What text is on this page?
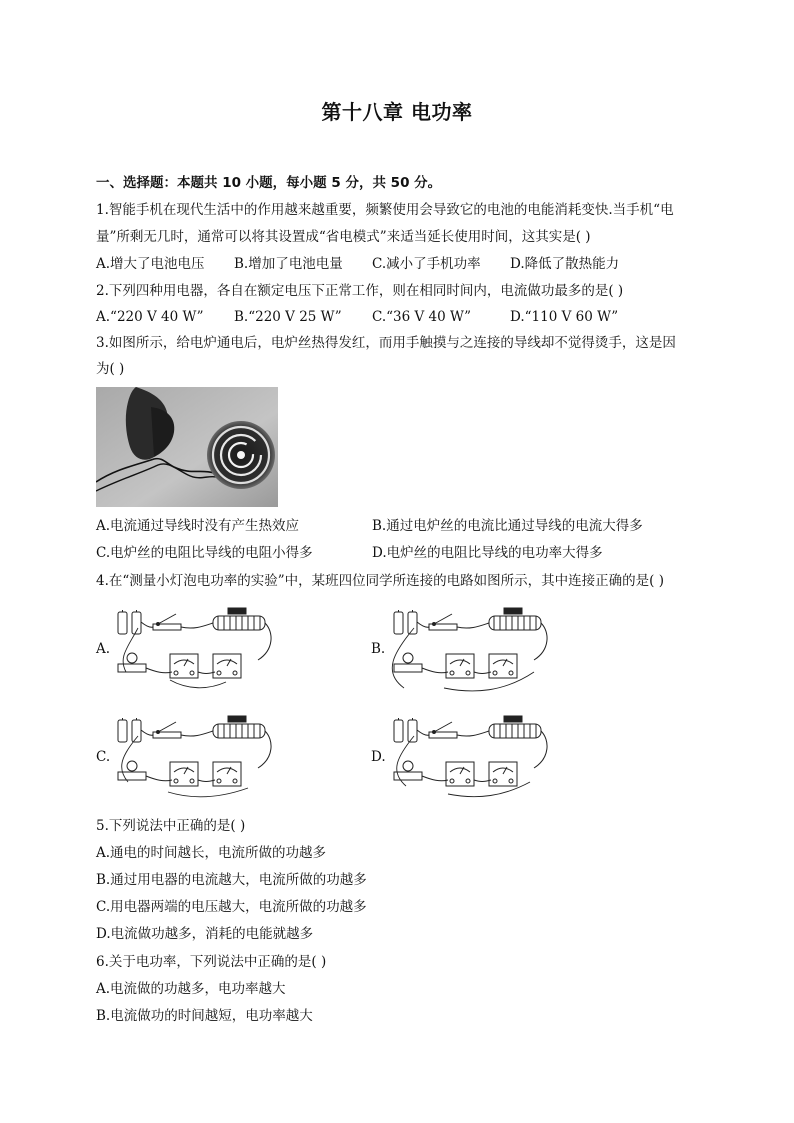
第十八章 电功率
一、选择题：本题共 10 小题，每小题 5 分，共 50 分。
1.智能手机在现代生活中的作用越来越重要，频繁使用会导致它的电池的电能消耗变快.当手机“电
量”所剩无几时，通常可以将其设置成“省电模式”来适当延长使用时间，这其实是( )
A.增大了电池电压 B.增加了电池电量 C.减小了手机功率 D.降低了散热能力
2.下列四种用电器，各自在额定电压下正常工作，则在相同时间内，电流做功最多的是( )
A.“220 V 40 W” B.“220 V 25 W” C.“36 V 40 W”	D.“110 V 60 W”
3.如图所示，给电炉通电后，电炉丝热得发红，而用手触摸与之连接的导线却不觉得烫手，这是因
为( )
A.电流通过导线时没有产生热效应	B.通过电炉丝的电流比通过导线的电流大得多
C.电炉丝的电阻比导线的电阻小得多	D.电炉丝的电阻比导线的电功率大得多
4.在“测量小灯泡电功率的实验”中，某班四位同学所连接的电路如图所示，其中连接正确的是( )
A.	B.
C.	D.
5.下列说法中正确的是( )
A.通电的时间越长，电流所做的功越多
B.通过用电器的电流越大，电流所做的功越多
C.用电器两端的电压越大，电流所做的功越多
D.电流做功越多，消耗的电能就越多
6.关于电功率，下列说法中正确的是( )
A.电流做的功越多，电功率越大
B.电流做功的时间越短，电功率越大
